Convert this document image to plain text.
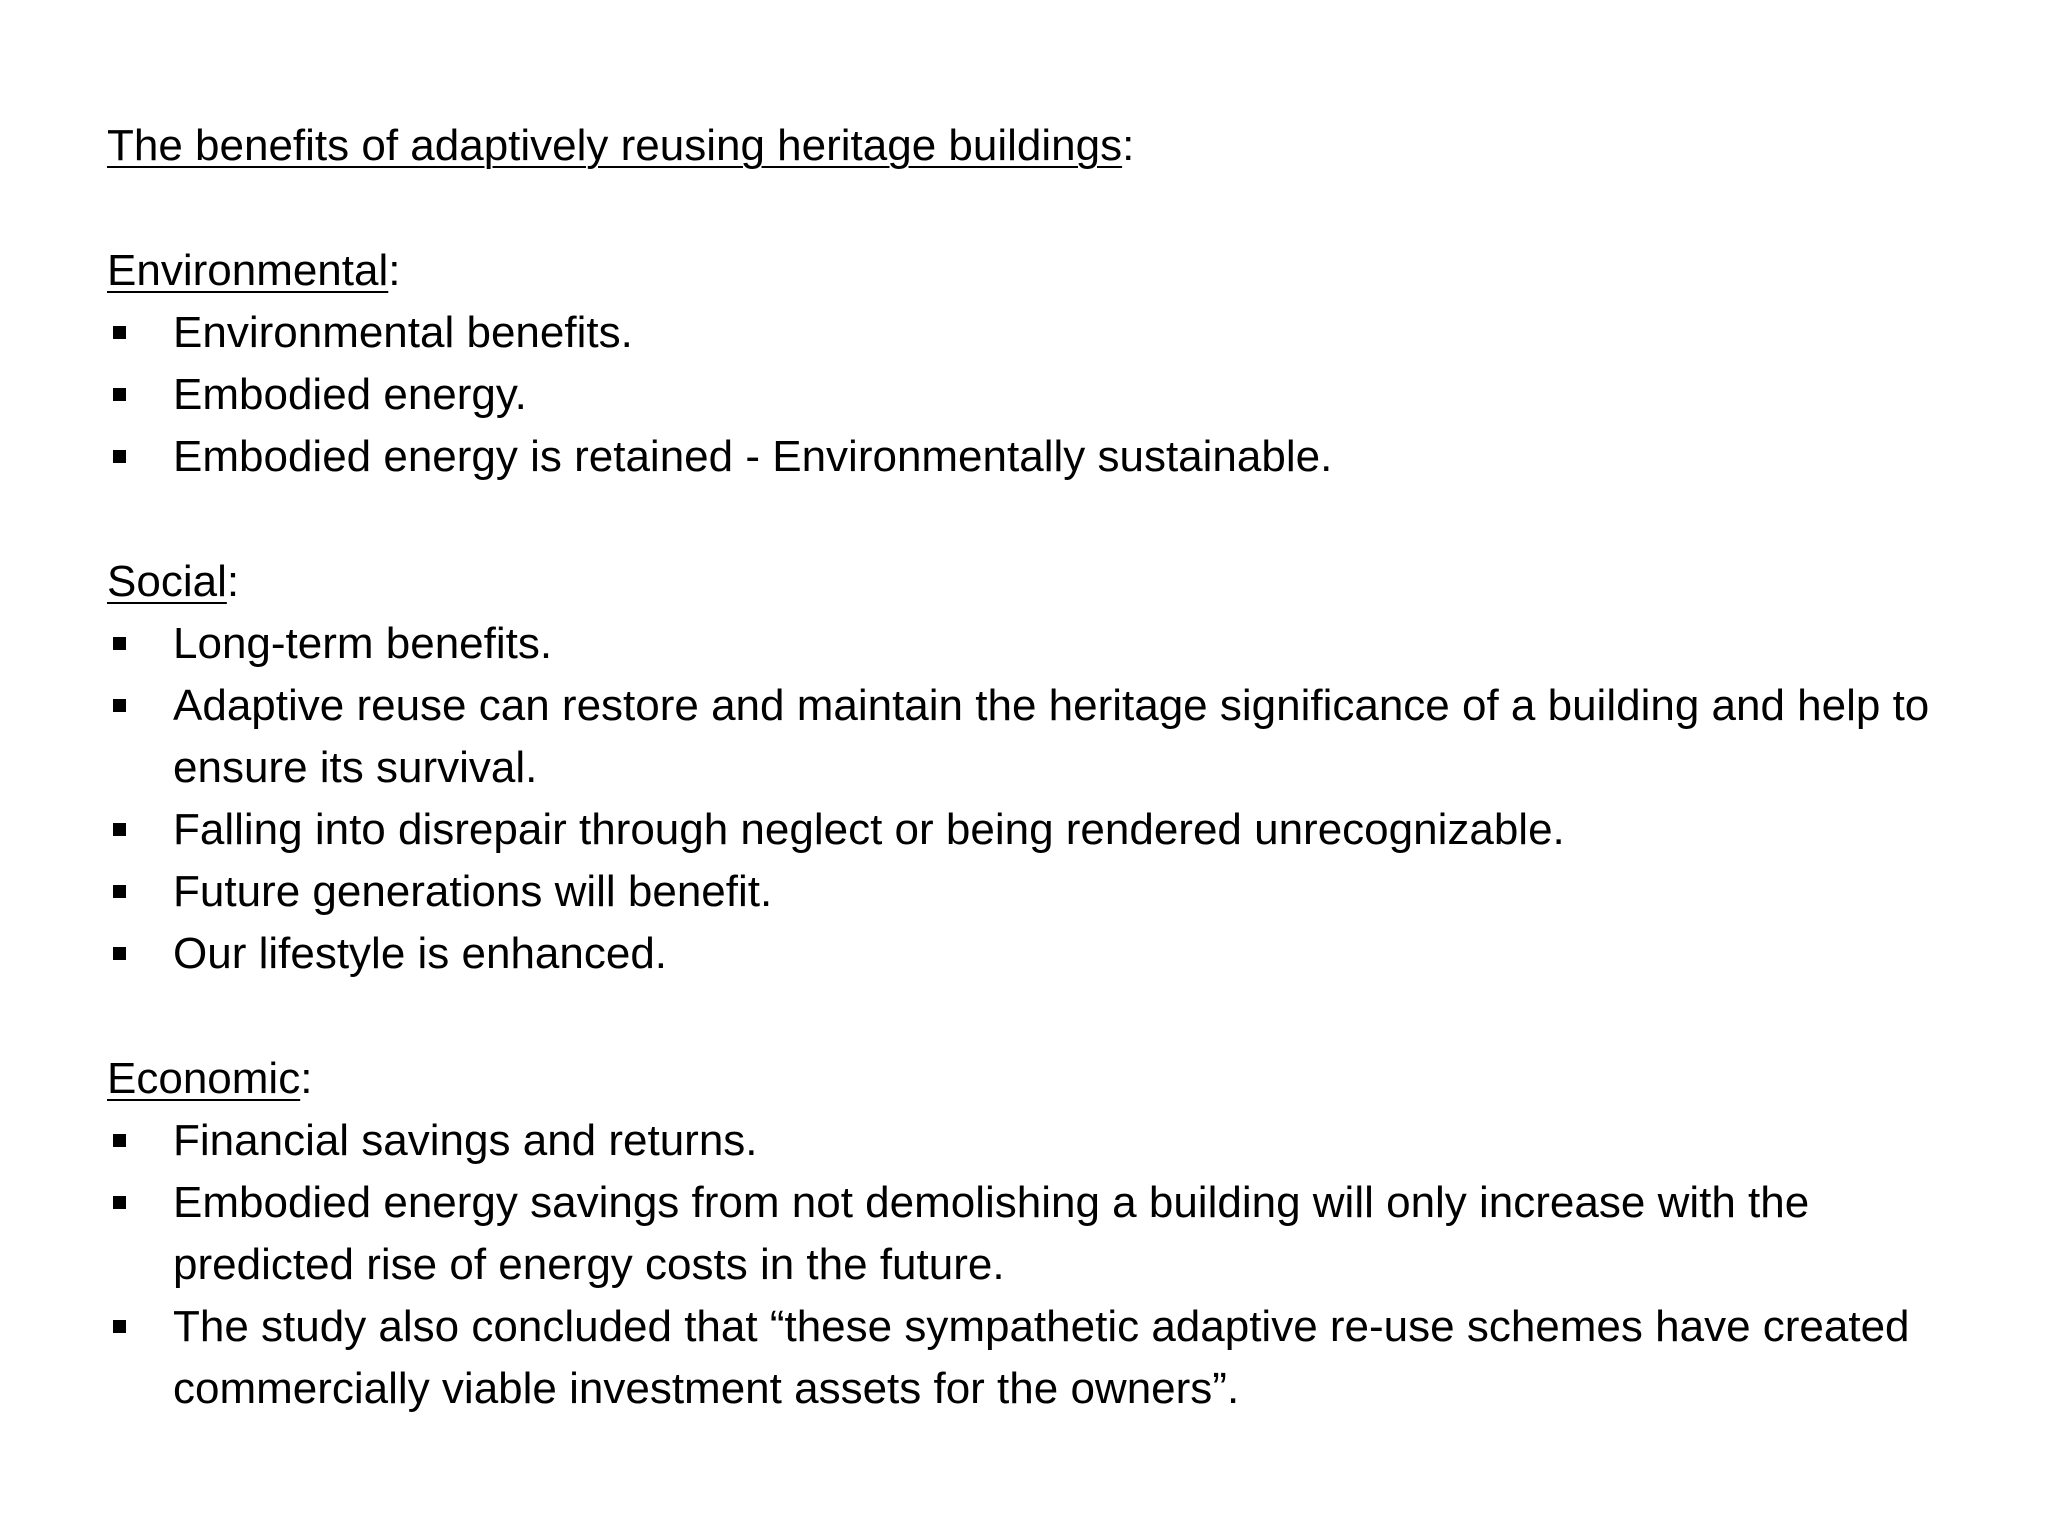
The benefits of adaptively reusing heritage buildings:
Environmental:
Environmental benefits.
Embodied energy.
Embodied energy is retained - Environmentally sustainable.
Social:
Long-term benefits.
Adaptive reuse can restore and maintain the heritage significance of a building and help to ensure its survival.
Falling into disrepair through neglect or being rendered unrecognizable.
Future generations will benefit.
Our lifestyle is enhanced.
Economic:
Financial savings and returns.
Embodied energy savings from not demolishing a building will only increase with the predicted rise of energy costs in the future.
The study also concluded that “these sympathetic adaptive re-use schemes have created commercially viable investment assets for the owners”.
